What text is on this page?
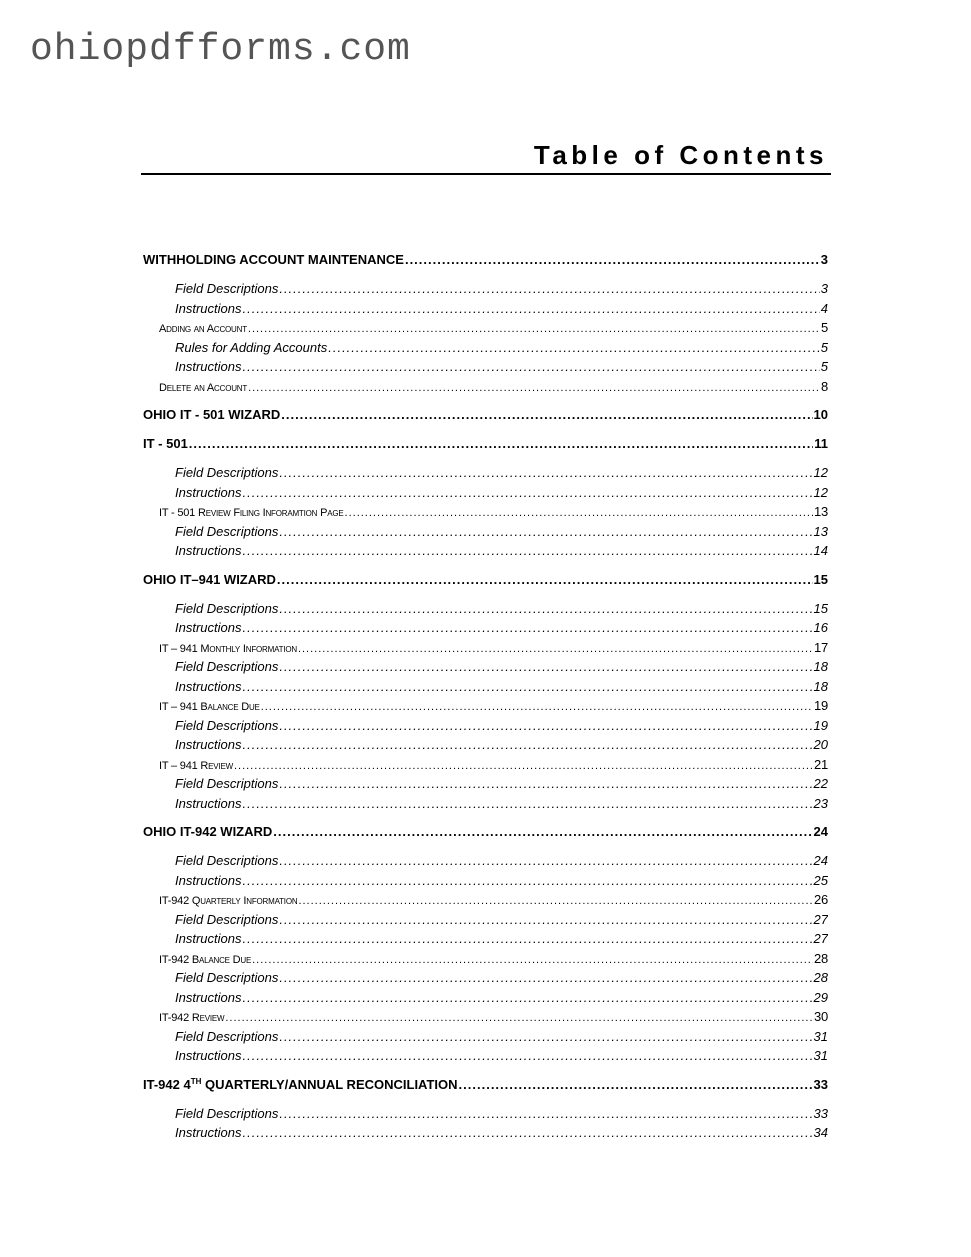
ohiopdfforms.com
Table of Contents
WITHHOLDING ACCOUNT MAINTENANCE .....	3
Field Descriptions .....	3
Instructions .....	4
Adding an Account .....	5
Rules for Adding Accounts .....	5
Instructions .....	5
Delete an Account .....	8
OHIO IT - 501 WIZARD .....	10
IT - 501 .....	11
Field Descriptions .....	12
Instructions .....	12
IT - 501 Review Filing Inforamtion Page .....	13
Field Descriptions .....	13
Instructions .....	14
OHIO IT–941 WIZARD .....	15
Field Descriptions .....	15
Instructions .....	16
IT – 941 Monthly Information .....	17
Field Descriptions .....	18
Instructions .....	18
IT – 941 Balance Due .....	19
Field Descriptions .....	19
Instructions .....	20
IT – 941 Review .....	21
Field Descriptions .....	22
Instructions .....	23
OHIO IT-942 WIZARD .....	24
Field Descriptions .....	24
Instructions .....	25
IT-942 Quarterly Information .....	26
Field Descriptions .....	27
Instructions .....	27
IT-942 Balance Due .....	28
Field Descriptions .....	28
Instructions .....	29
IT-942 Review .....	30
Field Descriptions .....	31
Instructions .....	31
IT-942 4TH QUARTERLY/ANNUAL RECONCILIATION .....	33
Field Descriptions .....	33
Instructions .....	34
